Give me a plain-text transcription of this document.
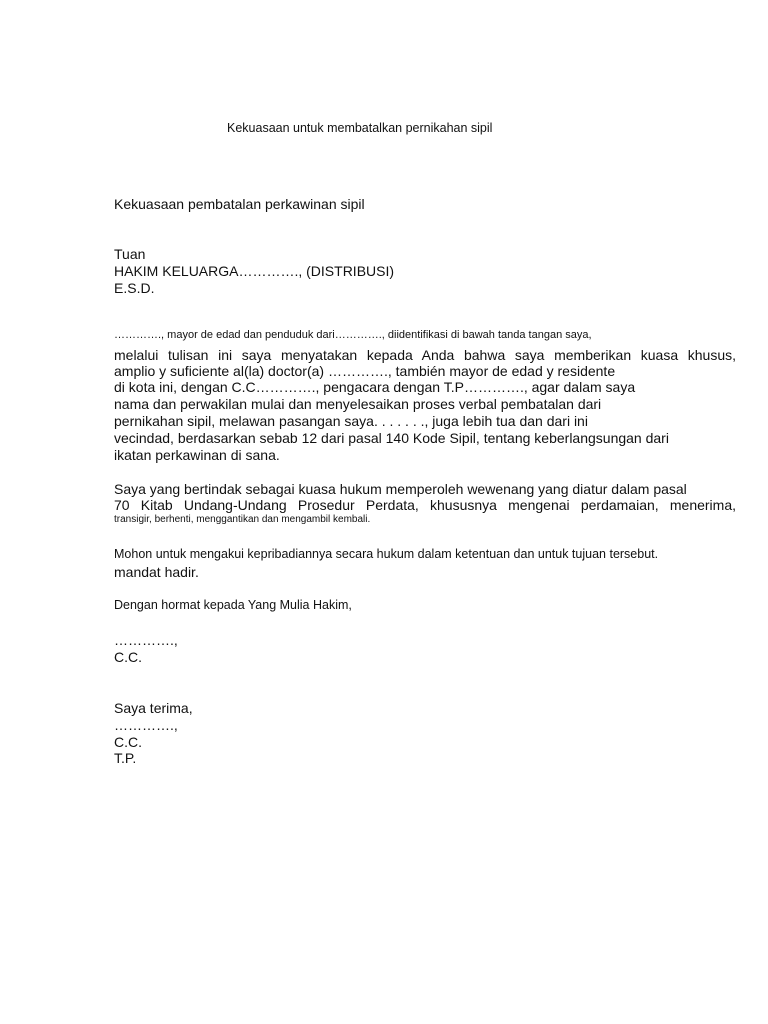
Kekuasaan untuk membatalkan pernikahan sipil
Kekuasaan pembatalan perkawinan sipil
Tuan
HAKIM KELUARGA…………., (DISTRIBUSI)
E.S.D.
…………., mayor de edad dan penduduk dari…………., diidentifikasi di bawah tanda tangan saya,
melalui tulisan ini saya menyatakan kepada Anda bahwa saya memberikan kuasa khusus,
amplio y suficiente al(la) doctor(a) …………., también mayor de edad y residente
di kota ini, dengan C.C…………., pengacara dengan T.P…………., agar dalam saya
nama dan perwakilan mulai dan menyelesaikan proses verbal pembatalan dari
pernikahan sipil, melawan pasangan saya. . . . . . ., juga lebih tua dan dari ini
vecindad, berdasarkan sebab 12 dari pasal 140 Kode Sipil, tentang keberlangsungan dari
ikatan perkawinan di sana.
Saya yang bertindak sebagai kuasa hukum memperoleh wewenang yang diatur dalam pasal
70 Kitab Undang-Undang Prosedur Perdata, khususnya mengenai perdamaian, menerima,
transigir, berhenti, menggantikan dan mengambil kembali.
Mohon untuk mengakui kepribadiannya secara hukum dalam ketentuan dan untuk tujuan tersebut.
mandat hadir.
Dengan hormat kepada Yang Mulia Hakim,
………….,
C.C.
Saya terima,
………….,
C.C.
T.P.
